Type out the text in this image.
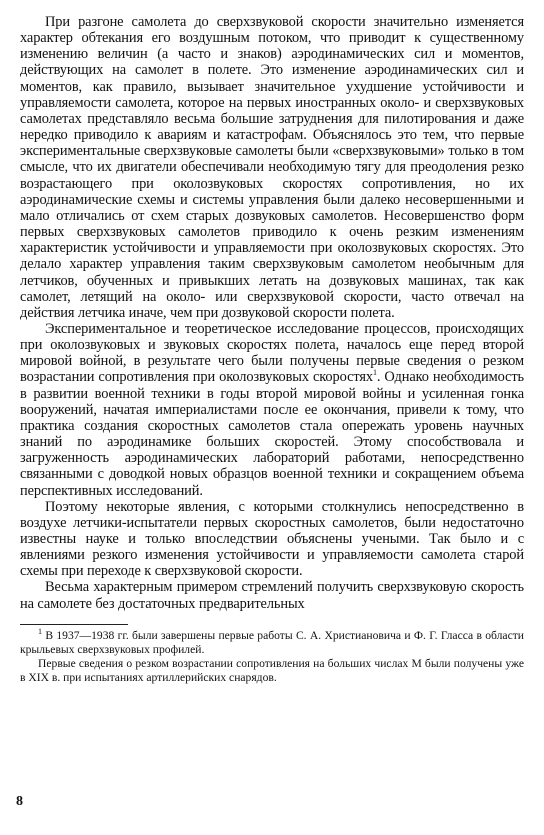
При разгоне самолета до сверхзвуковой скорости значительно изменяется характер обтекания его воздушным потоком, что приводит к существенному изменению величин (а часто и знаков) аэродинамических сил и моментов, действующих на самолет в полете. Это изменение аэродинамических сил и моментов, как правило, вызывает значительное ухудшение устойчивости и управляемости самолета, которое на первых иностранных около- и сверхзвуковых самолетах представляло весьма большие затруднения для пилотирования и даже нередко приводило к авариям и катастрофам. Объяснялось это тем, что первые экспериментальные сверхзвуковые самолеты были «сверхзвуковыми» только в том смысле, что их двигатели обеспечивали необходимую тягу для преодоления резко возрастающего при околозвуковых скоростях сопротивления, но их аэродинамические схемы и системы управления были далеко несовершенными и мало отличались от схем старых дозвуковых самолетов. Несовершенство форм первых сверхзвуковых самолетов приводило к очень резким изменениям характеристик устойчивости и управляемости при околозвуковых скоростях. Это делало характер управления таким сверхзвуковым самолетом необычным для летчиков, обученных и привыкших летать на дозвуковых машинах, так как самолет, летящий на около- или сверхзвуковой скорости, часто отвечал на действия летчика иначе, чем при дозвуковой скорости полета.

Экспериментальное и теоретическое исследование процессов, происходящих при околозвуковых и звуковых скоростях полета, началось еще перед второй мировой войной, в результате чего были получены первые сведения о резком возрастании сопротивления при околозвуковых скоростях$^1$. Однако необходимость в развитии военной техники в годы второй мировой войны и усиленная гонка вооружений, начатая империалистами после ее окончания, привели к тому, что практика создания скоростных самолетов стала опережать уровень научных знаний по аэродинамике больших скоростей. Этому способствовала и загруженность аэродинамических лабораторий работами, непосредственно связанными с доводкой новых образцов военной техники и сокращением объема перспективных исследований.

Поэтому некоторые явления, с которыми столкнулись непосредственно в воздухе летчики-испытатели первых скоростных самолетов, были недостаточно известны науке и только впоследствии объяснены учеными. Так было и с явлениями резкого изменения устойчивости и управляемости самолета старой схемы при переходе к сверхзвуковой скорости.

Весьма характерным примером стремлений получить сверхзвуковую скорость на самолете без достаточных предварительных

$^1$ В 1937—1938 гг. были завершены первые работы С. А. Христиановича и Ф. Г. Гласса в области крыльевых сверхзвуковых профилей.

Первые сведения о резком возрастании сопротивления на больших числах М были получены уже в XIX в. при испытаниях артиллерийских снарядов.

8
